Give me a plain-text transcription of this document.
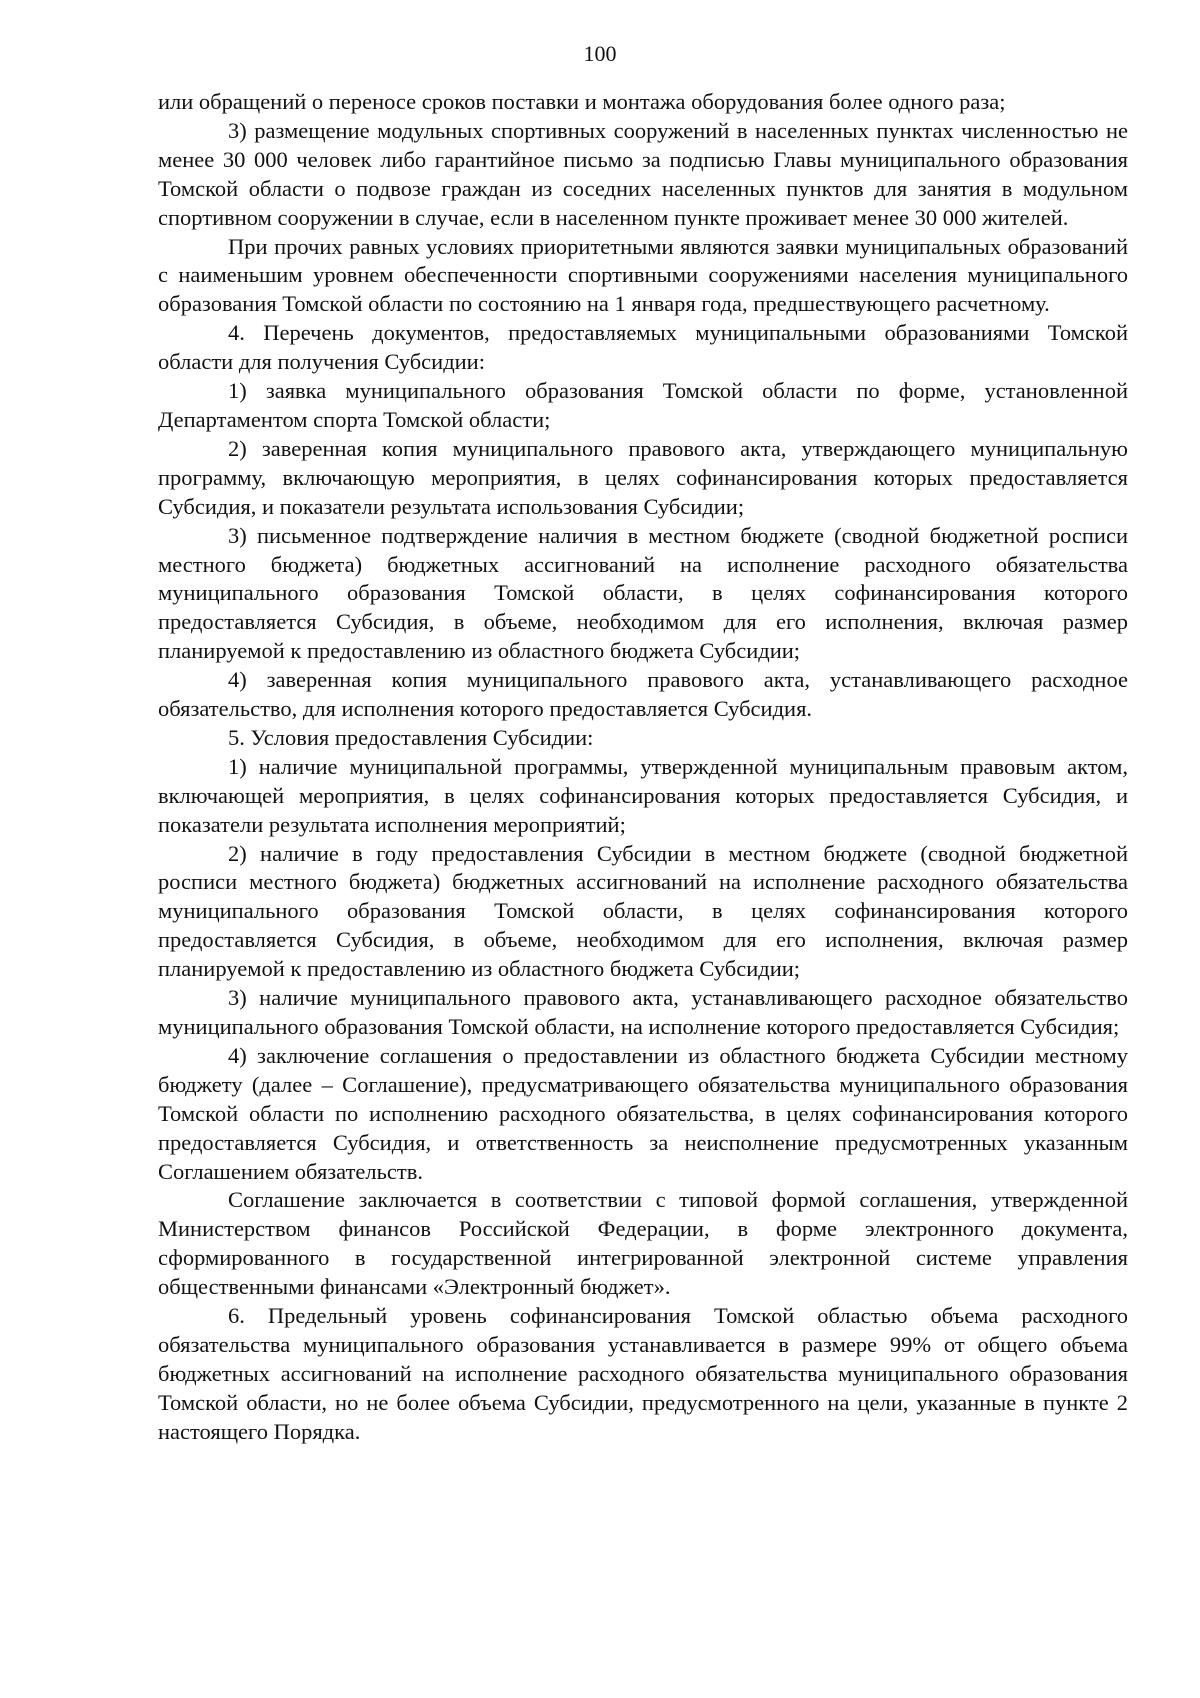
100

или обращений о переносе сроков поставки и монтажа оборудования более одного раза;

3) размещение модульных спортивных сооружений в населенных пунктах численностью не менее 30 000 человек либо гарантийное письмо за подписью Главы муниципального образования Томской области о подвозе граждан из соседних населенных пунктов для занятия в модульном спортивном сооружении в случае, если в населенном пункте проживает менее 30 000 жителей.

При прочих равных условиях приоритетными являются заявки муниципальных образований с наименьшим уровнем обеспеченности спортивными сооружениями населения муниципального образования Томской области по состоянию на 1 января года, предшествующего расчетному.

4. Перечень документов, предоставляемых муниципальными образованиями Томской области для получения Субсидии:

1) заявка муниципального образования Томской области по форме, установленной Департаментом спорта Томской области;

2) заверенная копия муниципального правового акта, утверждающего муниципальную программу, включающую мероприятия, в целях софинансирования которых предоставляется Субсидия, и показатели результата использования Субсидии;

3) письменное подтверждение наличия в местном бюджете (сводной бюджетной росписи местного бюджета) бюджетных ассигнований на исполнение расходного обязательства муниципального образования Томской области, в целях софинансирования которого предоставляется Субсидия, в объеме, необходимом для его исполнения, включая размер планируемой к предоставлению из областного бюджета Субсидии;

4) заверенная копия муниципального правового акта, устанавливающего расходное обязательство, для исполнения которого предоставляется Субсидия.

5. Условия предоставления Субсидии:

1) наличие муниципальной программы, утвержденной муниципальным правовым актом, включающей мероприятия, в целях софинансирования которых предоставляется Субсидия, и показатели результата исполнения мероприятий;

2) наличие в году предоставления Субсидии в местном бюджете (сводной бюджетной росписи местного бюджета) бюджетных ассигнований на исполнение расходного обязательства муниципального образования Томской области, в целях софинансирования которого предоставляется Субсидия, в объеме, необходимом для его исполнения, включая размер планируемой к предоставлению из областного бюджета Субсидии;

3) наличие муниципального правового акта, устанавливающего расходное обязательство муниципального образования Томской области, на исполнение которого предоставляется Субсидия;

4) заключение соглашения о предоставлении из областного бюджета Субсидии местному бюджету (далее – Соглашение), предусматривающего обязательства муниципального образования Томской области по исполнению расходного обязательства, в целях софинансирования которого предоставляется Субсидия, и ответственность за неисполнение предусмотренных указанным Соглашением обязательств.

Соглашение заключается в соответствии с типовой формой соглашения, утвержденной Министерством финансов Российской Федерации, в форме электронного документа, сформированного в государственной интегрированной электронной системе управления общественными финансами «Электронный бюджет».

6. Предельный уровень софинансирования Томской областью объема расходного обязательства муниципального образования устанавливается в размере 99% от общего объема бюджетных ассигнований на исполнение расходного обязательства муниципального образования Томской области, но не более объема Субсидии, предусмотренного на цели, указанные в пункте 2 настоящего Порядка.
